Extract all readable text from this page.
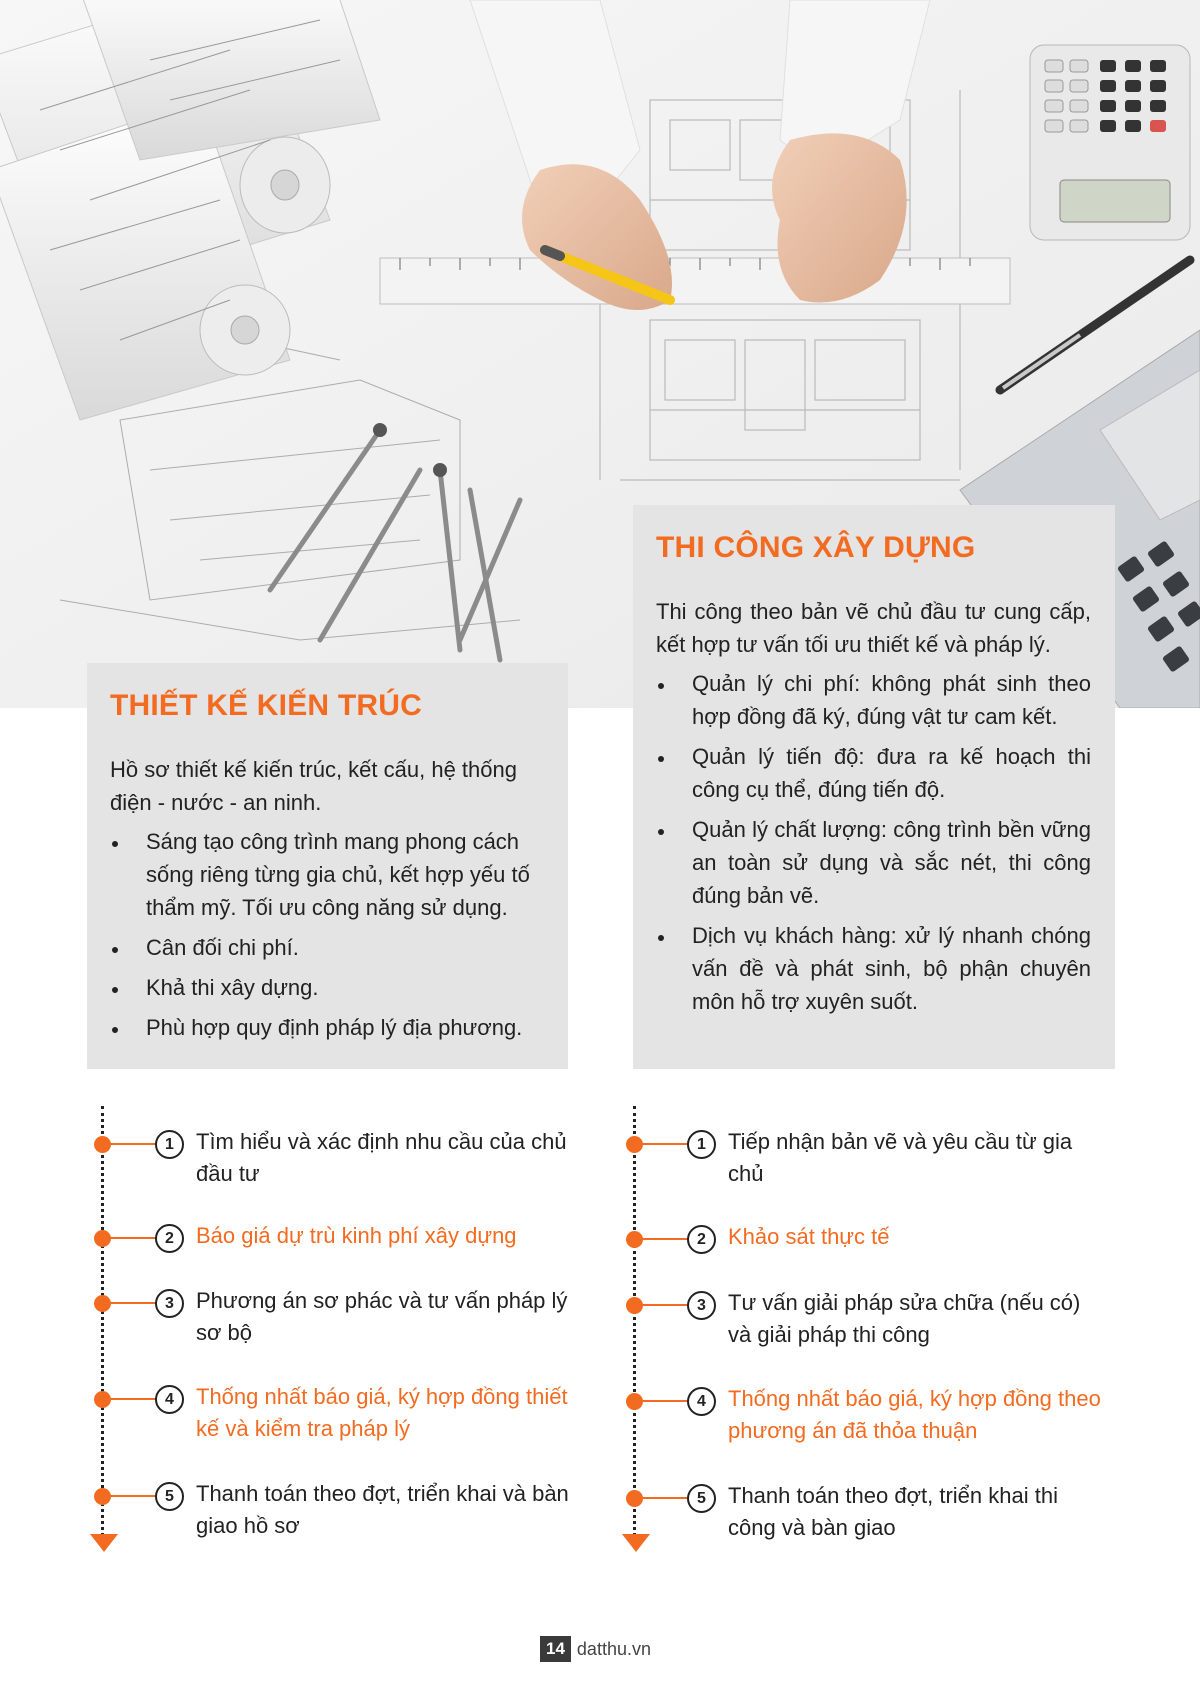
THIẾT KẾ KIẾN TRÚC

Hồ sơ thiết kế kiến trúc, kết cấu, hệ thống điện - nước - an ninh.

Sáng tạo công trình mang phong cách sống riêng từng gia chủ, kết hợp yếu tố thẩm mỹ. Tối ưu công năng sử dụng.
Cân đối chi phí.
Khả thi xây dựng.
Phù hợp quy định pháp lý địa phương.
THI CÔNG XÂY DỰNG

Thi công theo bản vẽ chủ đầu tư cung cấp, kết hợp tư vấn tối ưu thiết kế và pháp lý.

Quản lý chi phí: không phát sinh theo hợp đồng đã ký, đúng vật tư cam kết.
Quản lý tiến độ: đưa ra kế hoạch thi công cụ thể, đúng tiến độ.
Quản lý chất lượng: công trình bền vững an toàn sử dụng và sắc nét, thi công đúng bản vẽ.
Dịch vụ khách hàng: xử lý nhanh chóng vấn đề và phát sinh, bộ phận chuyên môn hỗ trợ xuyên suốt.
1	Tìm hiểu và xác định nhu cầu của chủ đầu tư
2	Báo giá dự trù kinh phí xây dựng
3	Phương án sơ phác và tư vấn pháp lý sơ bộ
4	Thống nhất báo giá, ký hợp đồng thiết kế và kiểm tra pháp lý
5	Thanh toán theo đợt, triển khai và bàn giao hồ sơ
1	Tiếp nhận bản vẽ và yêu cầu từ gia chủ
2	Khảo sát thực tế
3	Tư vấn giải pháp sửa chữa (nếu có) và giải pháp thi công
4	Thống nhất báo giá, ký hợp đồng theo phương án đã thỏa thuận
5	Thanh toán theo đợt, triển khai thi công và bàn giao
14 datthu.vn
